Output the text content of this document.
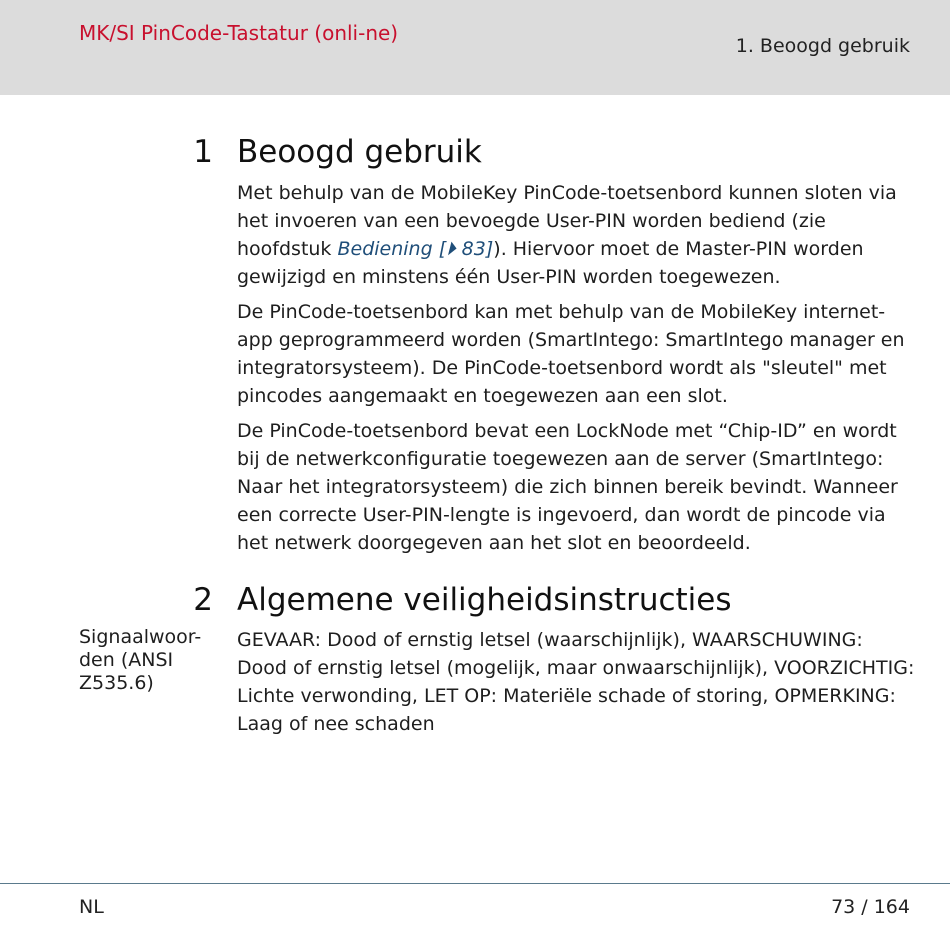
MK/SI PinCode-Tastatur (onli-ne)
1. Beoogd gebruik
1 Beoogd gebruik

Met behulp van de MobileKey PinCode-toetsenbord kunnen sloten via het invoeren van een bevoegde User-PIN worden bediend (zie hoofdstuk Bediening [⏵ 83]). Hiervoor moet de Master-PIN worden gewijzigd en minstens één User-PIN worden toegewezen.

De PinCode-toetsenbord kan met behulp van de MobileKey internet-app geprogrammeerd worden (SmartIntego: SmartIntego manager en integratorsysteem). De PinCode-toetsenbord wordt als "sleutel" met pincodes aangemaakt en toegewezen aan een slot.

De PinCode-toetsenbord bevat een LockNode met “Chip-ID” en wordt bij de netwerkconfiguratie toegewezen aan de server (SmartIntego: Naar het integratorsysteem) die zich binnen bereik bevindt. Wanneer een correcte User-PIN-lengte is ingevoerd, dan wordt de pincode via het netwerk doorgegeven aan het slot en beoordeeld.

2 Algemene veiligheidsinstructies
Signaalwoor-den (ANSI Z535.6)

GEVAAR: Dood of ernstig letsel (waarschijnlijk), WAARSCHUWING: Dood of ernstig letsel (mogelijk, maar onwaarschijnlijk), VOORZICHTIG: Lichte verwonding, LET OP: Materiële schade of storing, OPMERKING: Laag of nee schaden

NL	73 / 164
